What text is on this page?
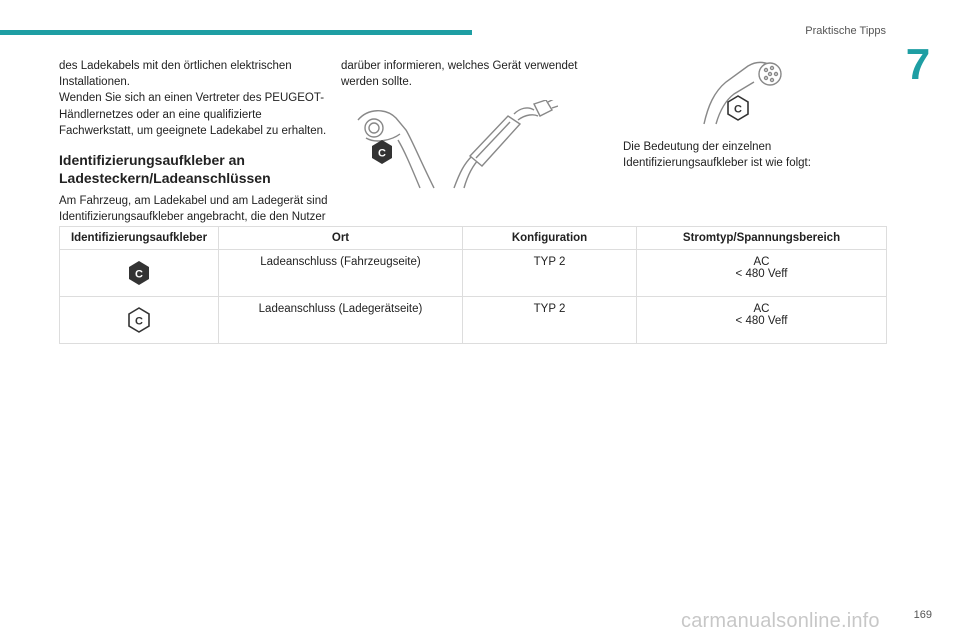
Praktische Tipps
7

des Ladekabels mit den örtlichen elektrischen Installationen.

Wenden Sie sich an einen Vertreter des PEUGEOT-Händlernetzes oder an eine qualifizierte Fachwerkstatt, um geeignete Ladekabel zu erhalten.

Identifizierungsaufkleber an Ladesteckern/Ladeanschlüssen

Am Fahrzeug, am Ladekabel und am Ladegerät sind Identifizierungsaufkleber angebracht, die den Nutzer

darüber informieren, welches Gerät verwendet werden sollte.

C
C

Die Bedeutung der einzelnen Identifizierungsaufkleber ist wie folgt:

Identifizierungsaufkleber	Ort	Konfiguration	Stromtyp/Spannungsbereich

C	Ladeanschluss (Fahrzeugseite)	TYP 2	AC
< 480 Veff

C	Ladeanschluss (Ladegerätseite)	TYP 2	AC
< 480 Veff
carmanualsonline.info	169
